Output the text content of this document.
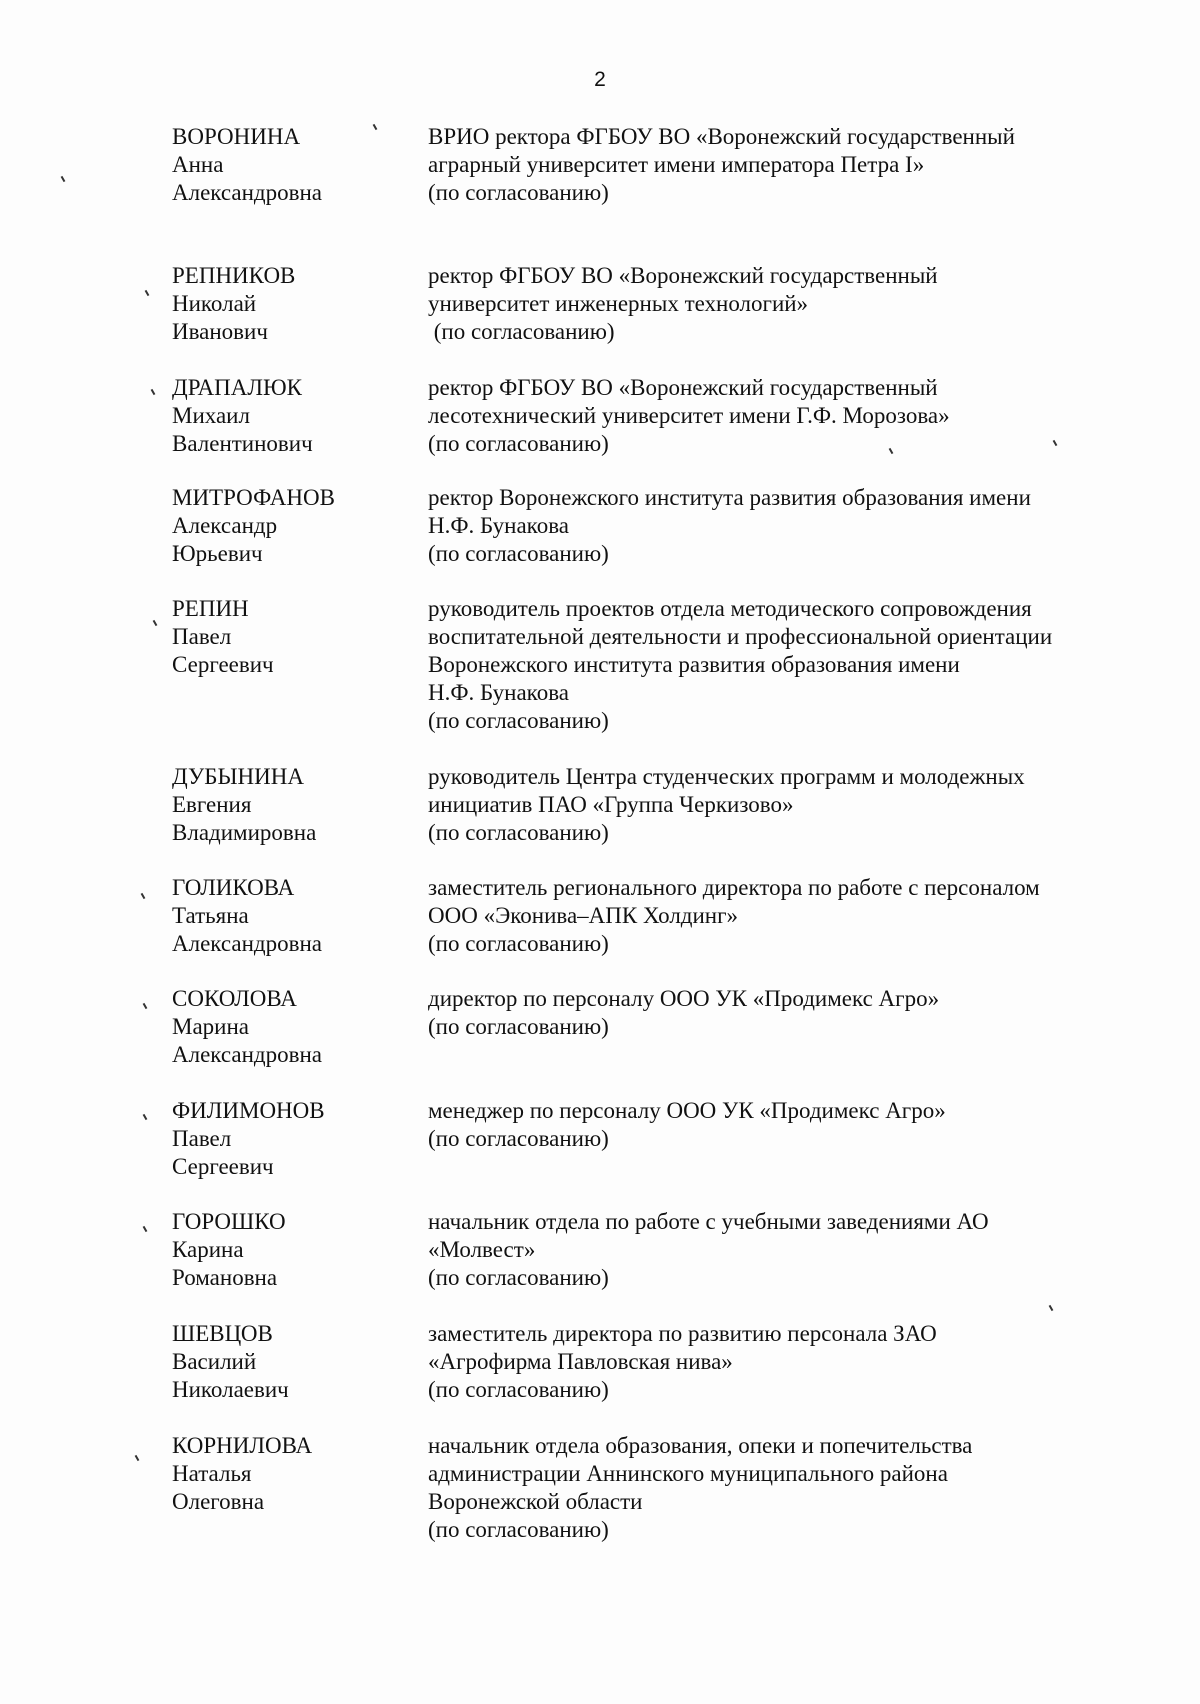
2
ВОРОНИНА
Анна
Александровна
ВРИО ректора ФГБОУ ВО «Воронежский государственный
аграрный университет имени императора Петра I»
(по согласованию)
РЕПНИКОВ
Николай
Иванович
ректор ФГБОУ ВО «Воронежский государственный
университет инженерных технологий»
(по согласованию)
ДРАПАЛЮК
Михаил
Валентинович
ректор ФГБОУ ВО «Воронежский государственный
лесотехнический университет имени Г.Ф. Морозова»
(по согласованию)
МИТРОФАНОВ
Александр
Юрьевич
ректор Воронежского института развития образования имени
Н.Ф. Бунакова
(по согласованию)
РЕПИН
Павел
Сергеевич
руководитель проектов отдела методического сопровождения
воспитательной деятельности и профессиональной ориентации
Воронежского института развития образования имени
Н.Ф. Бунакова
(по согласованию)
ДУБЫНИНА
Евгения
Владимировна
руководитель Центра студенческих программ и молодежных
инициатив ПАО «Группа Черкизово»
(по согласованию)
ГОЛИКОВА
Татьяна
Александровна
заместитель регионального директора по работе с персоналом
ООО «Эконива–АПК Холдинг»
(по согласованию)
СОКОЛОВА
Марина
Александровна
директор по персоналу ООО УК «Продимекс Агро»
(по согласованию)
ФИЛИМОНОВ
Павел
Сергеевич
менеджер по персоналу ООО УК «Продимекс Агро»
(по согласованию)
ГОРОШКО
Карина
Романовна
начальник отдела по работе с учебными заведениями АО
«Молвест»
(по согласованию)
ШЕВЦОВ
Василий
Николаевич
заместитель директора по развитию персонала ЗАО
«Агрофирма Павловская нива»
(по согласованию)
КОРНИЛОВА
Наталья
Олеговна
начальник отдела образования, опеки и попечительства
администрации Аннинского муниципального района
Воронежской области
(по согласованию)
